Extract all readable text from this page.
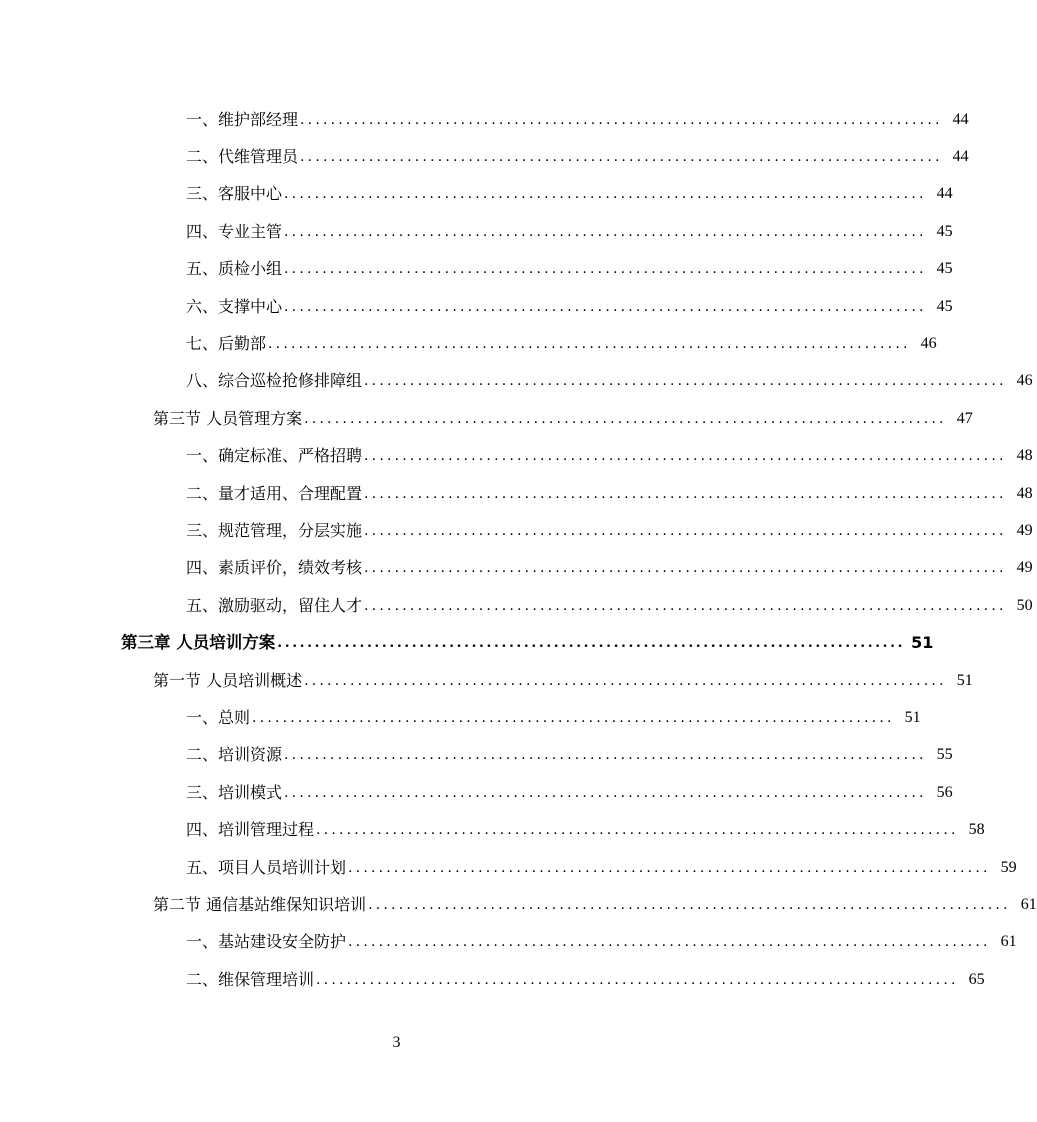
一、维护部经理 .................................................................................... 44
二、代维管理员 .................................................................................... 44
三、客服中心 .................................................................................... 44
四、专业主管 .................................................................................... 45
五、质检小组 .................................................................................... 45
六、支撑中心 .................................................................................... 45
七、后勤部 .................................................................................... 46
八、综合巡检抢修排障组 .................................................................................... 46
第三节 人员管理方案 .................................................................................... 47
一、确定标准、严格招聘 .................................................................................... 48
二、量才适用、合理配置 .................................................................................... 48
三、规范管理，分层实施 .................................................................................... 49
四、素质评价，绩效考核 .................................................................................... 49
五、激励驱动，留住人才 .................................................................................... 50
第三章 人员培训方案 .................................................................................... 51
第一节 人员培训概述 .................................................................................... 51
一、总则 .................................................................................... 51
二、培训资源 .................................................................................... 55
三、培训模式 .................................................................................... 56
四、培训管理过程 .................................................................................... 58
五、项目人员培训计划 .................................................................................... 59
第二节 通信基站维保知识培训 .................................................................................... 61
一、基站建设安全防护 .................................................................................... 61
二、维保管理培训 .................................................................................... 65
3
